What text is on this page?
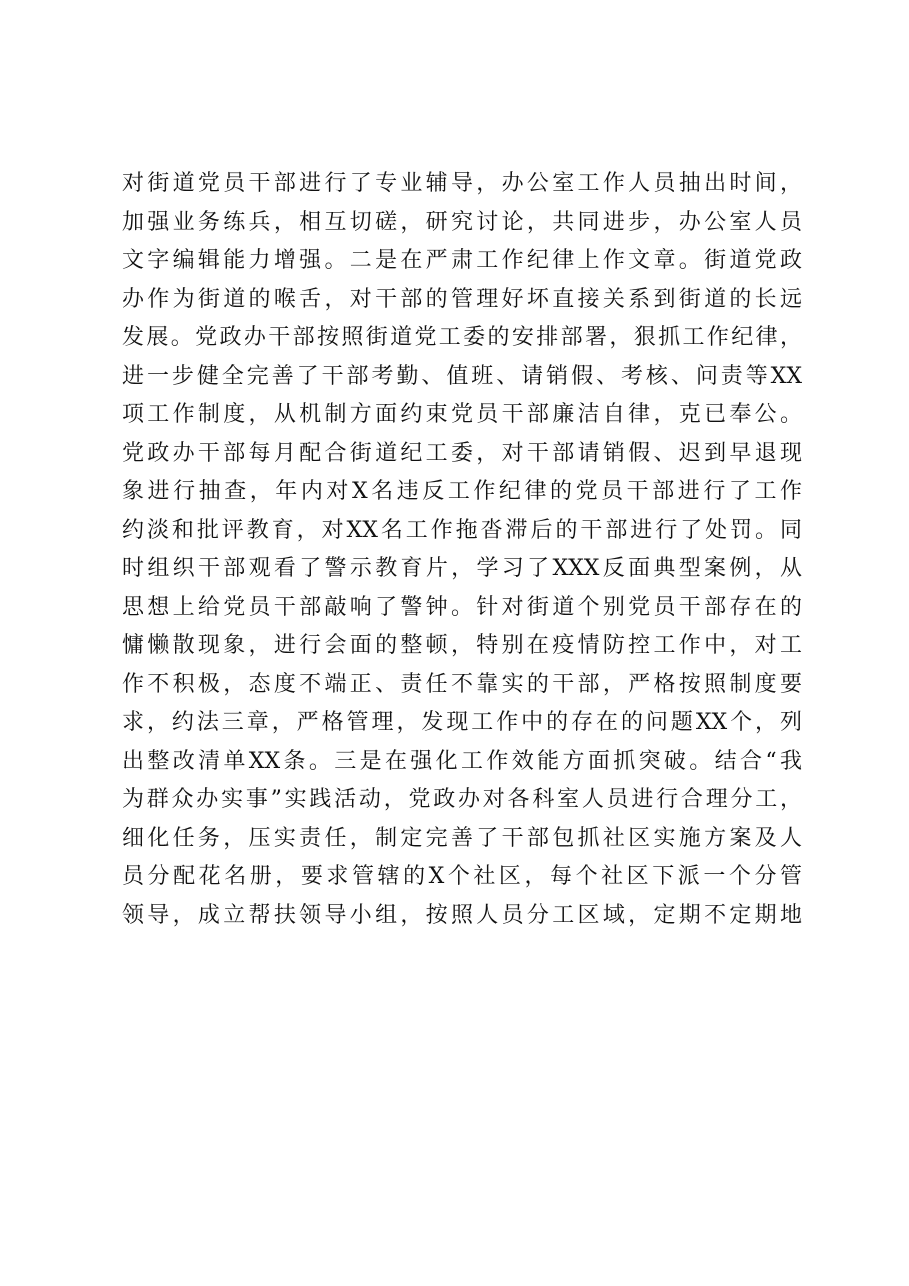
对街道党员干部进行了专业辅导，办公室工作人员抽出时间，
加强业务练兵，相互切磋，研究讨论，共同进步，办公室人员
文字编辑能力增强。二是在严肃工作纪律上作文章。街道党政
办作为街道的喉舌，对干部的管理好坏直接关系到街道的长远
发展。党政办干部按照街道党工委的安排部署，狠抓工作纪律，
进一步健全完善了干部考勤、值班、请销假、考核、问责等XX
项工作制度，从机制方面约束党员干部廉洁自律，克已奉公。
党政办干部每月配合街道纪工委，对干部请销假、迟到早退现
象进行抽查，年内对X名违反工作纪律的党员干部进行了工作
约淡和批评教育，对XX名工作拖沓滞后的干部进行了处罚。同
时组织干部观看了警示教育片，学习了XXX反面典型案例，从
思想上给党员干部敲响了警钟。针对街道个别党员干部存在的
慵懒散现象，进行会面的整顿，特别在疫情防控工作中，对工
作不积极，态度不端正、责任不靠实的干部，严格按照制度要
求，约法三章，严格管理，发现工作中的存在的问题XX个，列
出整改清单XX条。三是在强化工作效能方面抓突破。结合“我
为群众办实事”实践活动，党政办对各科室人员进行合理分工，
细化任务，压实责任，制定完善了干部包抓社区实施方案及人
员分配花名册，要求管辖的X个社区，每个社区下派一个分管
领导，成立帮扶领导小组，按照人员分工区域，定期不定期地
